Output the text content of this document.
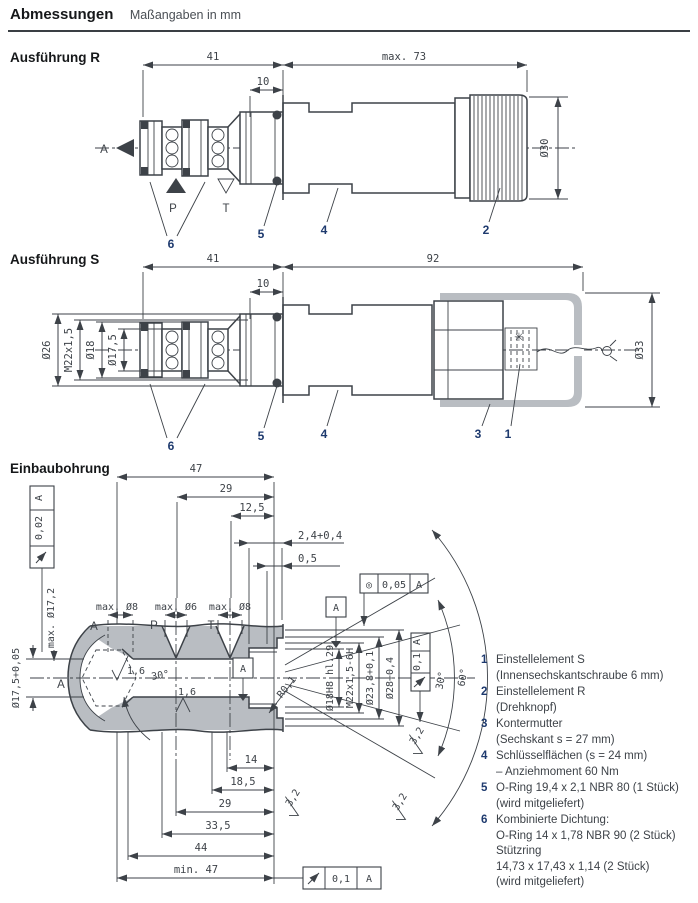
Abmessungen Maßangaben in mm
Ausführung R
Ausführung S
Einbaubohrung
41
10
max. 73
Ø30
A
P	T
6
5	4	2
✳
Ø26 M22x1,5 Ø18 Ø17,5
41
10
92
Ø33
6
5	4	3 1
47
29
12,5
2,4+0,4
0,5
A
0,02
max. Ø17,2
Ø17,5+0,05	A
max. Ø8 max. Ø6 max. Ø8
A	P	T
1,6 30°
1,6
A
R0,1	Ø18H8 hl.29 M22x1,5-6H Ø23,8+0,1 Ø28+0,4
A
◎ 0,05 A
A
0,1
30° 60°
3,2
3,2	3,2
14
18,5
29
33,5
44
min. 47
0,1 A
1 Einstellelement S
(Innensechskantschraube 6 mm)
2 Einstellelement R
(Drehknopf)
3 Kontermutter
(Sechskant s = 27 mm)
4 Schlüsselflächen (s = 24 mm)
– Anziehmoment 60 Nm
5 O-Ring 19,4 x 2,1 NBR 80 (1 Stück)
(wird mitgeliefert)
6 Kombinierte Dichtung:
O-Ring 14 x 1,78 NBR 90 (2 Stück)
Stützring
14,73 x 17,43 x 1,14 (2 Stück)
(wird mitgeliefert)
